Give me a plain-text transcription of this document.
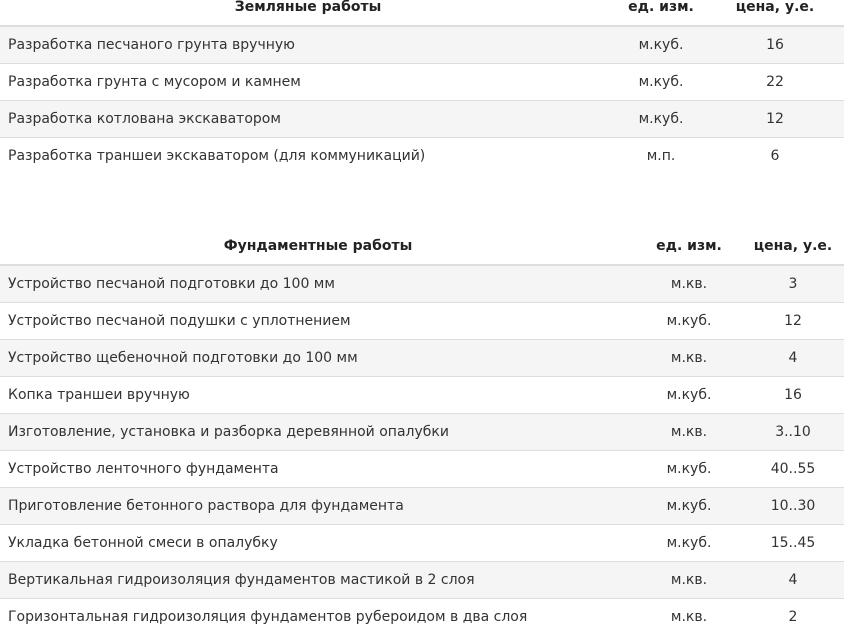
Земляные работы	ед. изм.	цена, у.е.
Разработка песчаного грунта вручную	м.куб.	16
Разработка грунта с мусором и камнем	м.куб.	22
Разработка котлована экскаватором	м.куб.	12
Разработка траншеи экскаватором (для коммуникаций)	м.п.	6
Фундаментные работы	ед. изм.	цена, у.е.
Устройство песчаной подготовки до 100 мм	м.кв.	3
Устройство песчаной подушки с уплотнением	м.куб.	12
Устройство щебеночной подготовки до 100 мм	м.кв.	4
Копка траншеи вручную	м.куб.	16
Изготовление, установка и разборка деревянной опалубки	м.кв.	3..10
Устройство ленточного фундамента	м.куб.	40..55
Приготовление бетонного раствора для фундамента	м.куб.	10..30
Укладка бетонной смеси в опалубку	м.куб.	15..45
Вертикальная гидроизоляция фундаментов мастикой в 2 слоя	м.кв.	4
Горизонтальная гидроизоляция фундаментов рубероидом в два слоя	м.кв.	2
